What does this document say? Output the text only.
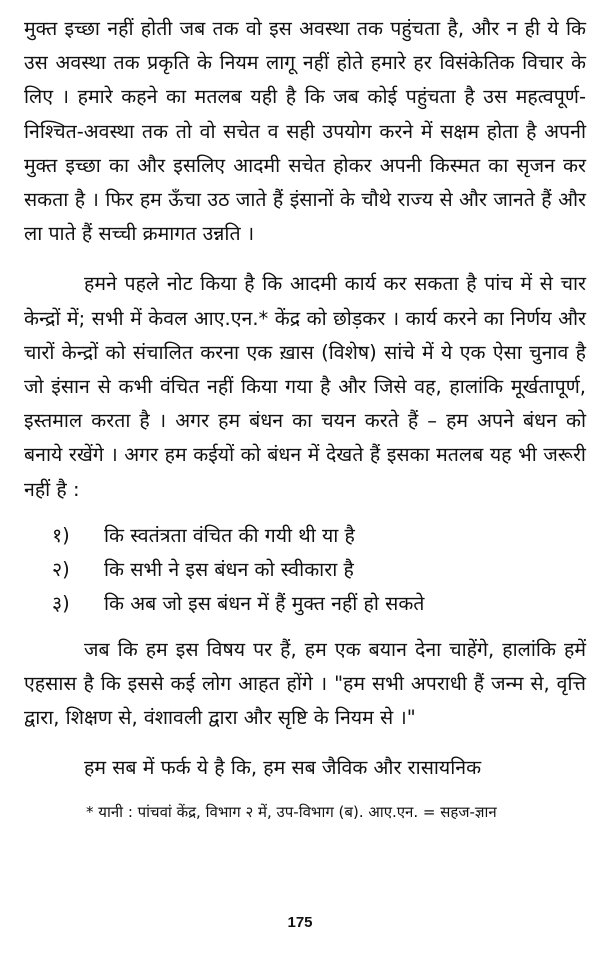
मुक्त इच्छा नहीं होती जब तक वो इस अवस्था तक पहुंचता है, और न ही ये कि उस अवस्था तक प्रकृति के नियम लागू नहीं होते हमारे हर विसंकेतिक विचार के लिए । हमारे कहने का मतलब यही है कि जब कोई पहुंचता है उस महत्वपूर्ण-निश्चित-अवस्था तक तो वो सचेत व सही उपयोग करने में सक्षम होता है अपनी मुक्त इच्छा का और इसलिए आदमी सचेत होकर अपनी किस्मत का सृजन कर सकता है । फिर हम ऊँचा उठ जाते हैं इंसानों के चौथे राज्य से और जानते हैं और ला पाते हैं सच्ची क्रमागत उन्नति ।

हमने पहले नोट किया है कि आदमी कार्य कर सकता है पांच में से चार केन्द्रों में; सभी में केवल आए.एन.* केंद्र को छोड़कर । कार्य करने का निर्णय और चारों केन्द्रों को संचालित करना एक ख़ास (विशेष) सांचे में ये एक ऐसा चुनाव है जो इंसान से कभी वंचित नहीं किया गया है और जिसे वह, हालांकि मूर्खतापूर्ण, इस्तमाल करता है । अगर हम बंधन का चयन करते हैं – हम अपने बंधन को बनाये रखेंगे । अगर हम कईयों को बंधन में देखते हैं इसका मतलब यह भी जरूरी नहीं है :

१)	कि स्वतंत्रता वंचित की गयी थी या है
२)	कि सभी ने इस बंधन को स्वीकारा है
३)	कि अब जो इस बंधन में हैं मुक्त नहीं हो सकते

जब कि हम इस विषय पर हैं, हम एक बयान देना चाहेंगे, हालांकि हमें एहसास है कि इससे कई लोग आहत होंगे । "हम सभी अपराधी हैं जन्म से, वृत्ति द्वारा, शिक्षण से, वंशावली द्वारा और सृष्टि के नियम से ।"

हम सब में फर्क ये है कि, हम सब जैविक और रासायनिक

* यानी : पांचवां केंद्र, विभाग २ में, उप-विभाग (ब). आए.एन. = सहज-ज्ञान

175
